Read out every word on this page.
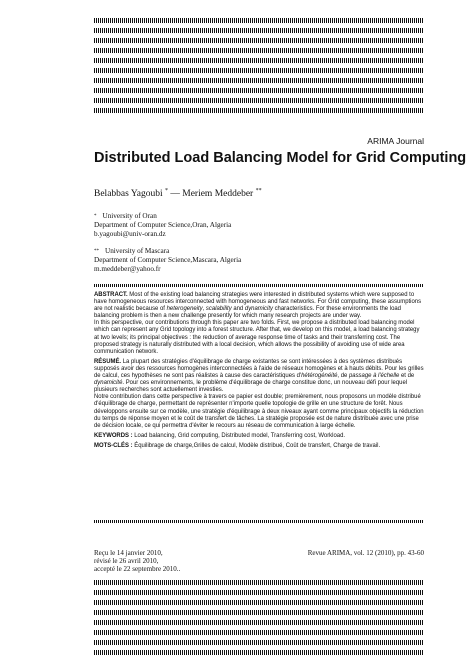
ARIMA Journal
Distributed Load Balancing Model for Grid Computing
Belabbas Yagoubi * — Meriem Meddeber **
* University of Oran
Department of Computer Science,Oran, Algeria
b.yagoubi@univ-oran.dz
** University of Mascara
Department of Computer Science,Mascara, Algeria
m.meddeber@yahoo.fr

ABSTRACT. Most of the existing load balancing strategies were interested in distributed systems which were supposed to have homogeneous resources interconnected with homogeneous and fast networks. For Grid computing, these assumptions are not realistic because of heterogeneity, scalability and dynamicity characteristics. For these environments the load balancing problem is then a new challenge presently for which many research projects are under way.

In this perspective, our contributions through this paper are two folds. First, we propose a distributed load balancing model which can represent any Grid topology into a forest structure. After that, we develop on this model, a load balancing strategy at two levels; its principal objectives : the reduction of average response time of tasks and their transferring cost. The proposed strategy is naturally distributed with a local decision, which allows the possibility of avoiding use of wide area communication network.

RÉSUMÉ. La plupart des stratégies d'équilibrage de charge existantes se sont intéressées à des systèmes distribués supposés avoir des ressources homogènes interconnectées à l'aide de réseaux homogènes et à hauts débits. Pour les grilles de calcul, ces hypothèses ne sont pas réalistes à cause des caractéristiques d'hétérogénéité, de passage à l'échelle et de dynamicité. Pour ces environnements, le problème d'équilibrage de charge constitue donc, un nouveau défi pour lequel plusieurs recherches sont actuellement investies.

Notre contribution dans cette perspective à travers ce papier est double; premièrement, nous proposons un modèle distribué d'équilibrage de charge, permettant de représenter n'importe quelle topologie de grille en une structure de forêt. Nous développons ensuite sur ce modèle, une stratégie d'équilibrage à deux niveaux ayant comme principaux objectifs la réduction du temps de réponse moyen et le coût de transfert de tâches. La stratégie proposée est de nature distribuée avec une prise de décision locale, ce qui permettra d'éviter le recours au réseau de communication à large échelle.

KEYWORDS : Load balancing, Grid computing, Distributed model, Transferring cost, Workload.

MOTS-CLÉS : Équilibrage de charge,Grilles de calcul, Modèle distribué, Coût de transfert, Charge de travail.

Reçu le 14 janvier 2010,
révisé le 26 avril 2010,
accepté le 22 septembre 2010..
Revue ARIMA, vol. 12 (2010), pp. 43-60
